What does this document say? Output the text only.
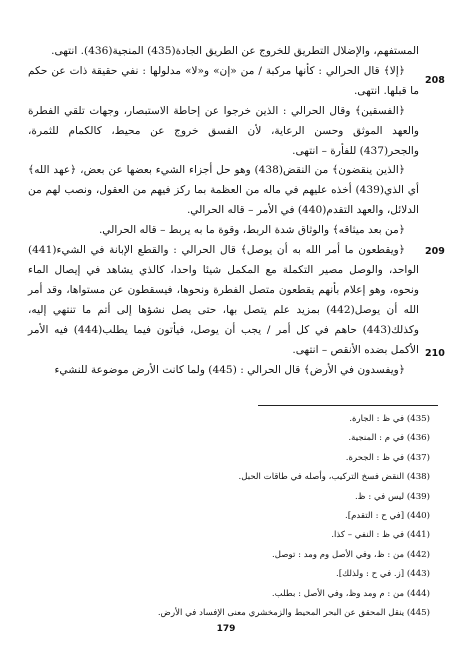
المستفهم، والإضلال التطريق للخروج عن الطريق الجادة(435) المنجية(436). انتهى.

﴿إلا﴾ قال الحرالي : كأنها مركبة / من «إن» و«لا» مدلولها : نفي حقيقة ذات عن حكم ما قبلها. انتهى.

﴿الفسقين﴾ وقال الحرالي : الذين خرجوا عن إحاطة الاستبصار، وجهات تلقي الفطرة والعهد الموثق وحسن الرعاية، لأن الفسق خروج عن محيط، كالكمام للثمرة، والجحر(437) للفأرة – انتهى.

﴿الذين ينقضون﴾ من النقض(438) وهو حل أجزاء الشيء بعضها عن بعض، ﴿عهد الله﴾ أي الذي(439) أخذه عليهم في ماله من العظمة بما ركز فيهم من العقول، ونصب لهم من الدلائل، والعهد التقدم(440) في الأمر – قاله الحرالي.

﴿من بعد ميثاقه﴾ والوثاق شدة الربط، وقوة ما به يربط – قاله الحرالي.

﴿ويقطعون ما أمر الله به أن يوصل﴾ قال الحرالي : والقطع الإبانة في الشيء(441) الواحد، والوصل مصير التكملة مع المكمل شيئا واحدا، كالذي يشاهد في إيصال الماء ونحوه، وهو إعلام بأنهم يقطعون متصل الفطرة ونحوها، فيسقطون عن مستواها، وقد أمر الله أن يوصل(442) بمزيد علم يتصل بها، حتى يصل نشؤها إلى أتم ما تنتهي إليه، وكذلك(443) حاهم في كل أمر / يجب أن يوصل، فيأتون فيما يطلب(444) فيه الأمر الأكمل بضده الأنقص – انتهى.

﴿ويفسدون في الأرض﴾ قال الحرالي : (445) ولما كانت الأرض موضوعة للنشيء

208
209
210

(435) في ظ : الجارة.

(436) في م : المنجية.

(437) في ظ : الجحرة.

(438) النقض فسخ التركيب، وأصله في طاقات الحبل.

(439) ليس في : ظ.

(440) [في ح : التقدم].

(441) في ظ : النفي – كذا.

(442) من : ظ، وفي الأصل وم ومد : توصل.

(443) [ز. في ح : ولذلك].

(444) من : م ومد وظ، وفي الأصل : بطلب.

(445) ينقل المحقق عن البحر المحيط والزمخشري معنى الإفساد في الأرض.

179
